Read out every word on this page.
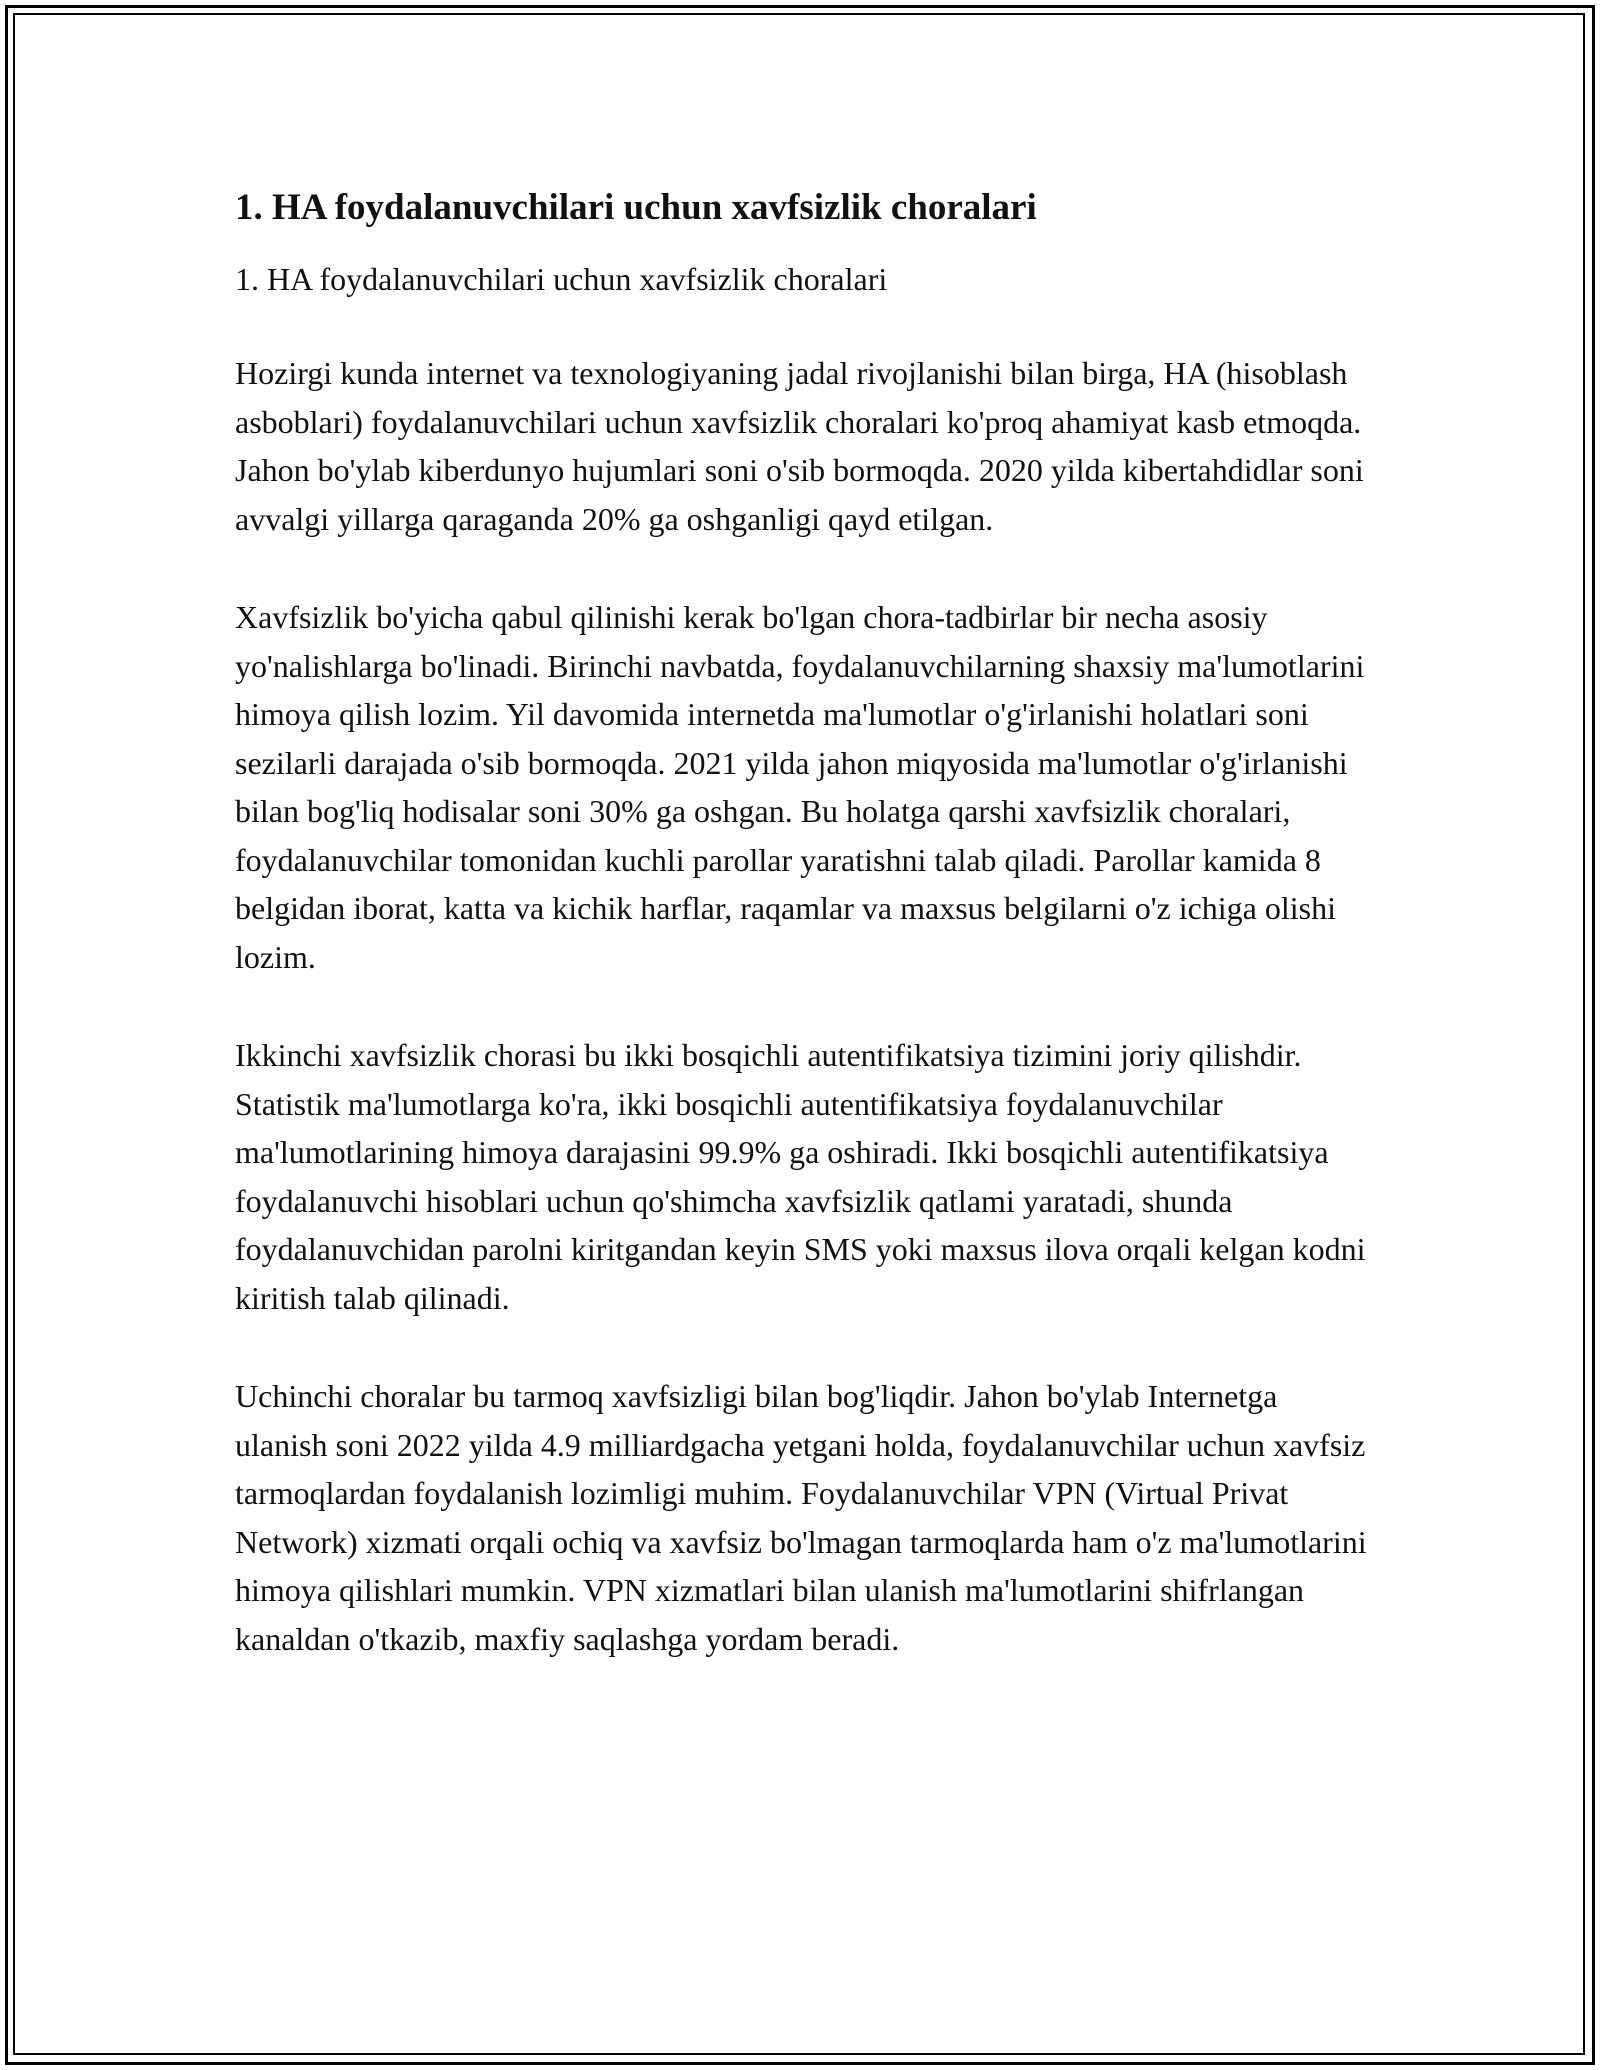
1. HA foydalanuvchilari uchun xavfsizlik choralari

1. HA foydalanuvchilari uchun xavfsizlik choralari

Hozirgi kunda internet va texnologiyaning jadal rivojlanishi bilan birga, HA (hisoblash asboblari) foydalanuvchilari uchun xavfsizlik choralari ko'proq ahamiyat kasb etmoqda. Jahon bo'ylab kiberdunyo hujumlari soni o'sib bormoqda. 2020 yilda kibertahdidlar soni avvalgi yillarga qaraganda 20% ga oshganligi qayd etilgan.

Xavfsizlik bo'yicha qabul qilinishi kerak bo'lgan chora-tadbirlar bir necha asosiy yo'nalishlarga bo'linadi. Birinchi navbatda, foydalanuvchilarning shaxsiy ma'lumotlarini himoya qilish lozim. Yil davomida internetda ma'lumotlar o'g'irlanishi holatlari soni sezilarli darajada o'sib bormoqda. 2021 yilda jahon miqyosida ma'lumotlar o'g'irlanishi bilan bog'liq hodisalar soni 30% ga oshgan. Bu holatga qarshi xavfsizlik choralari, foydalanuvchilar tomonidan kuchli parollar yaratishni talab qiladi. Parollar kamida 8 belgidan iborat, katta va kichik harflar, raqamlar va maxsus belgilarni o'z ichiga olishi lozim.

Ikkinchi xavfsizlik chorasi bu ikki bosqichli autentifikatsiya tizimini joriy qilishdir. Statistik ma'lumotlarga ko'ra, ikki bosqichli autentifikatsiya foydalanuvchilar ma'lumotlarining himoya darajasini 99.9% ga oshiradi. Ikki bosqichli autentifikatsiya foydalanuvchi hisoblari uchun qo'shimcha xavfsizlik qatlami yaratadi, shunda foydalanuvchidan parolni kiritgandan keyin SMS yoki maxsus ilova orqali kelgan kodni kiritish talab qilinadi.

Uchinchi choralar bu tarmoq xavfsizligi bilan bog'liqdir. Jahon bo'ylab Internetga ulanish soni 2022 yilda 4.9 milliardgacha yetgani holda, foydalanuvchilar uchun xavfsiz tarmoqlardan foydalanish lozimligi muhim. Foydalanuvchilar VPN (Virtual Privat Network) xizmati orqali ochiq va xavfsiz bo'lmagan tarmoqlarda ham o'z ma'lumotlarini himoya qilishlari mumkin. VPN xizmatlari bilan ulanish ma'lumotlarini shifrlangan kanaldan o'tkazib, maxfiy saqlashga yordam beradi.
